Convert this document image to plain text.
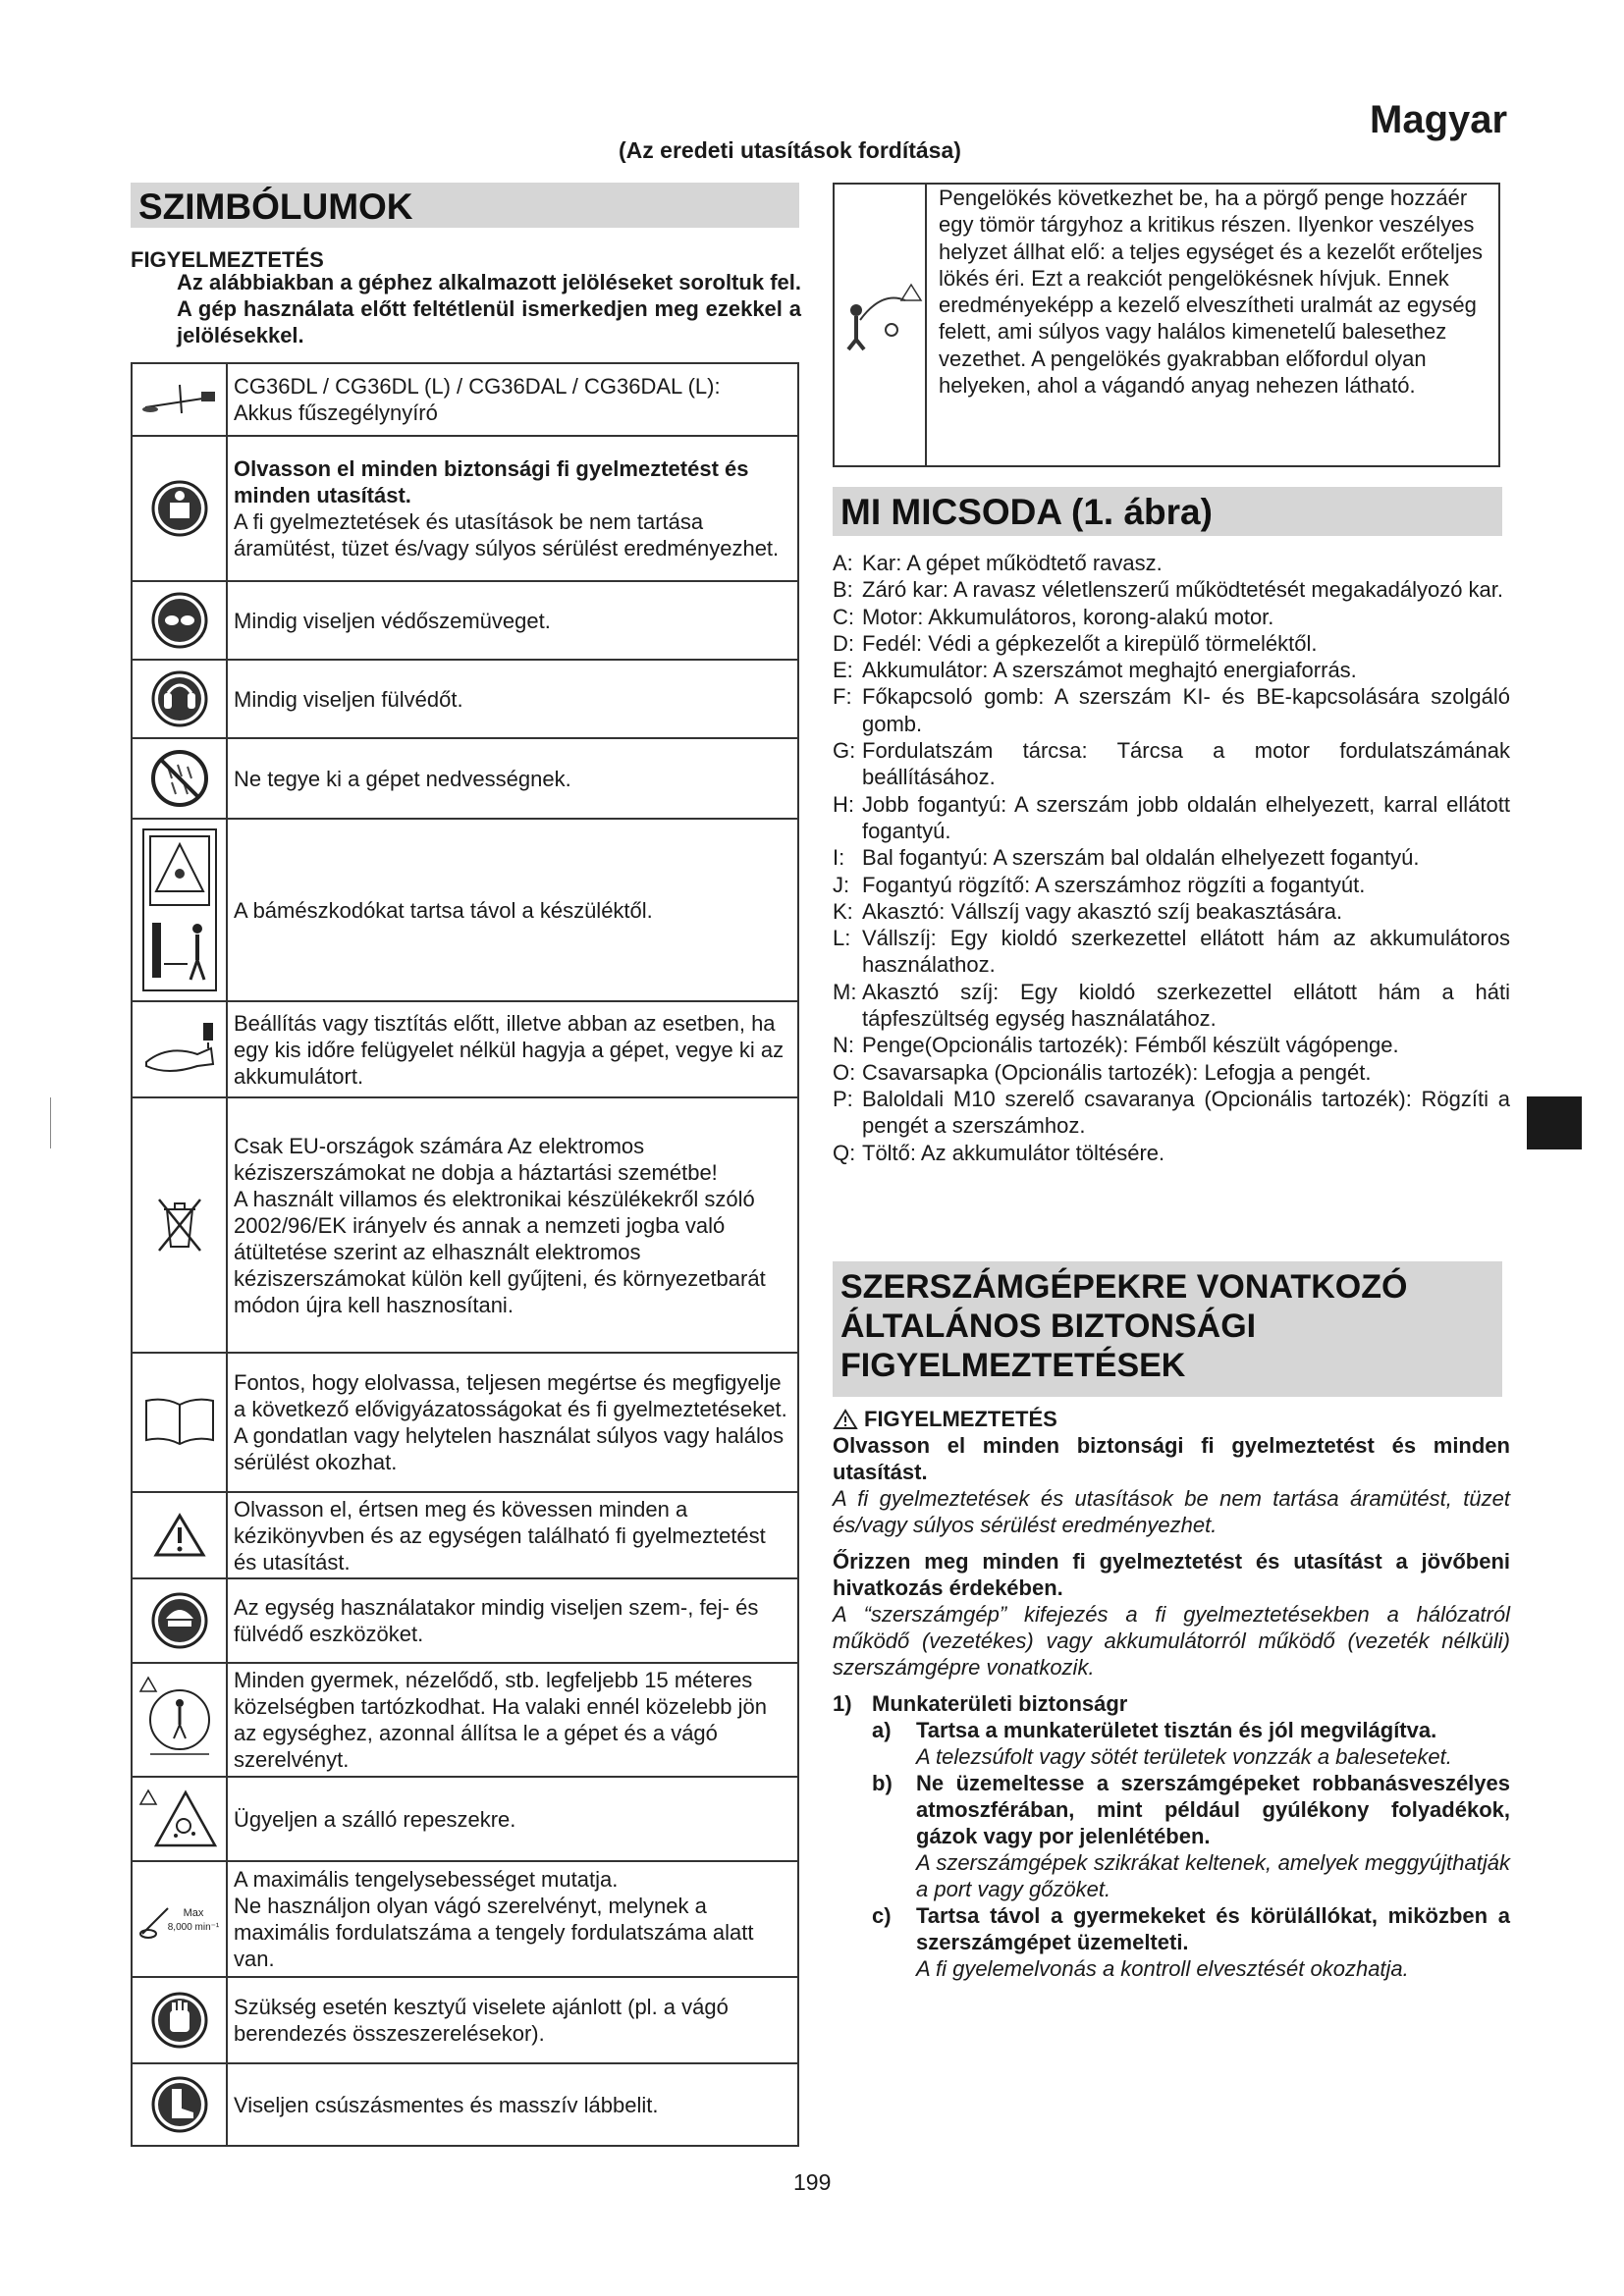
Magyar
(Az eredeti utasítások fordítása)
SZIMBÓLUMOK
FIGYELMEZTETÉS
Az alábbiakban a géphez alkalmazott jelöléseket soroltuk fel. A gép használata előtt feltétlenül ismerkedjen meg ezekkel a jelölésekkel.

CG36DL / CG36DL (L) / CG36DAL / CG36DAL (L):
Akkus fűszegélynyíró

Olvasson el minden biztonsági fi gyelmeztetést és minden utasítást.
A fi gyelmeztetések és utasítások be nem tartása áramütést, tüzet és/vagy súlyos sérülést eredményezhet.

	Mindig viseljen védőszemüveget.

	Mindig viseljen fülvédőt.

	Ne tegye ki a gépet nedvességnek.

	A bámészkodókat tartsa távol a készüléktől.

	Beállítás vagy tisztítás előtt, illetve abban az esetben, ha egy kis időre felügyelet nélkül hagyja a gépet, vegye ki az akkumulátort.

Csak EU-országok számára Az elektromos kéziszerszámokat ne dobja a háztartási szemétbe!
A használt villamos és elektronikai készülékekről szóló 2002/96/EK irányelv és annak a nemzeti jogba való átültetése szerint az elhasznált elektromos kéziszerszámokat külön kell gyűjteni, és környezetbarát módon újra kell hasznosítani.

	Fontos, hogy elolvassa, teljesen megértse és megfigyelje a következő elővigyázatosságokat és fi gyelmeztetéseket. A gondatlan vagy helytelen használat súlyos vagy halálos sérülést okozhat.

	Olvasson el, értsen meg és kövessen minden a kézikönyvben és az egységen található fi gyelmeztetést és utasítást.

	Az egység használatakor mindig viseljen szem-, fej- és fülvédő eszközöket.

	Minden gyermek, nézelődő, stb. legfeljebb 15 méteres közelségben tartózkodhat. Ha valaki ennél közelebb jön az egységhez, azonnal állítsa le a gépet és a vágó szerelvényt.

	Ügyeljen a szálló repeszekre.

Max
8,000 min⁻¹	A maximális tengelysebességet mutatja.
Ne használjon olyan vágó szerelvényt, melynek a maximális fordulatszáma a tengely fordulatszáma alatt van.

	Szükség esetén kesztyű viselete ajánlott (pl. a vágó berendezés összeszerelésekor).

	Viseljen csúszásmentes és masszív lábbelit.
Pengelökés következhet be, ha a pörgő penge hozzáér egy tömör tárgyhoz a kritikus részen. Ilyenkor veszélyes helyzet állhat elő: a teljes egységet és a kezelőt erőteljes lökés éri. Ezt a reakciót pengelökésnek hívjuk. Ennek eredményeképp a kezelő elveszítheti uralmát az egység felett, ami súlyos vagy halálos kimenetelű balesethez vezethet. A pengelökés gyakrabban előfordul olyan helyeken, ahol a vágandó anyag nehezen látható.
MI MICSODA (1. ábra)
A: Kar: A gépet működtető ravasz.
B: Záró kar: A ravasz véletlenszerű működtetését megakadályozó kar.
C: Motor: Akkumulátoros, korong-alakú motor.
D: Fedél: Védi a gépkezelőt a kirepülő törmeléktől.
E: Akkumulátor: A szerszámot meghajtó energiaforrás.
F: Főkapcsoló gomb: A szerszám KI- és BE-kapcsolására szolgáló gomb.
G: Fordulatszám tárcsa: Tárcsa a motor fordulatszámának beállításához.
H: Jobb fogantyú: A szerszám jobb oldalán elhelyezett, karral ellátott fogantyú.
I: Bal fogantyú: A szerszám bal oldalán elhelyezett fogantyú.
J: Fogantyú rögzítő: A szerszámhoz rögzíti a fogantyút.
K: Akasztó: Vállszíj vagy akasztó szíj beakasztására.
L: Vállszíj: Egy kioldó szerkezettel ellátott hám az akkumulátoros használathoz.
M: Akasztó szíj: Egy kioldó szerkezettel ellátott hám a háti tápfeszültség egység használatához.
N: Penge(Opcionális tartozék): Fémből készült vágópenge.
O: Csavarsapka (Opcionális tartozék): Lefogja a pengét.
P: Baloldali M10 szerelő csavaranya (Opcionális tartozék): Rögzíti a pengét a szerszámhoz.
Q: Töltő: Az akkumulátor töltésére.
SZERSZÁMGÉPEKRE VONATKOZÓ ÁLTALÁNOS BIZTONSÁGI FIGYELMEZTETÉSEK
FIGYELMEZTETÉS
Olvasson el minden biztonsági fi gyelmeztetést és minden utasítást.
A fi gyelmeztetések és utasítások be nem tartása áramütést, tüzet és/vagy súlyos sérülést eredményezhet.
Őrizzen meg minden fi gyelmeztetést és utasítást a jövőbeni hivatkozás érdekében.
A “szerszámgép” kifejezés a fi gyelmeztetésekben a hálózatról működő (vezetékes) vagy akkumulátorról működő (vezeték nélküli) szerszámgépre vonatkozik.
1) Munkaterületi biztonságr
a)	Tartsa a munkaterületet tisztán és jól megvilágítva.
A telezsúfolt vagy sötét területek vonzzák a baleseteket.
b)	Ne üzemeltesse a szerszámgépeket robbanásveszélyes atmoszférában, mint például gyúlékony folyadékok, gázok vagy por jelenlétében.
A szerszámgépek szikrákat keltenek, amelyek meggyújthatják a port vagy gőzöket.
c)	Tartsa távol a gyermekeket és körülállókat, miközben a szerszámgépet üzemelteti.
A fi gyelemelvonás a kontroll elvesztését okozhatja.
199
